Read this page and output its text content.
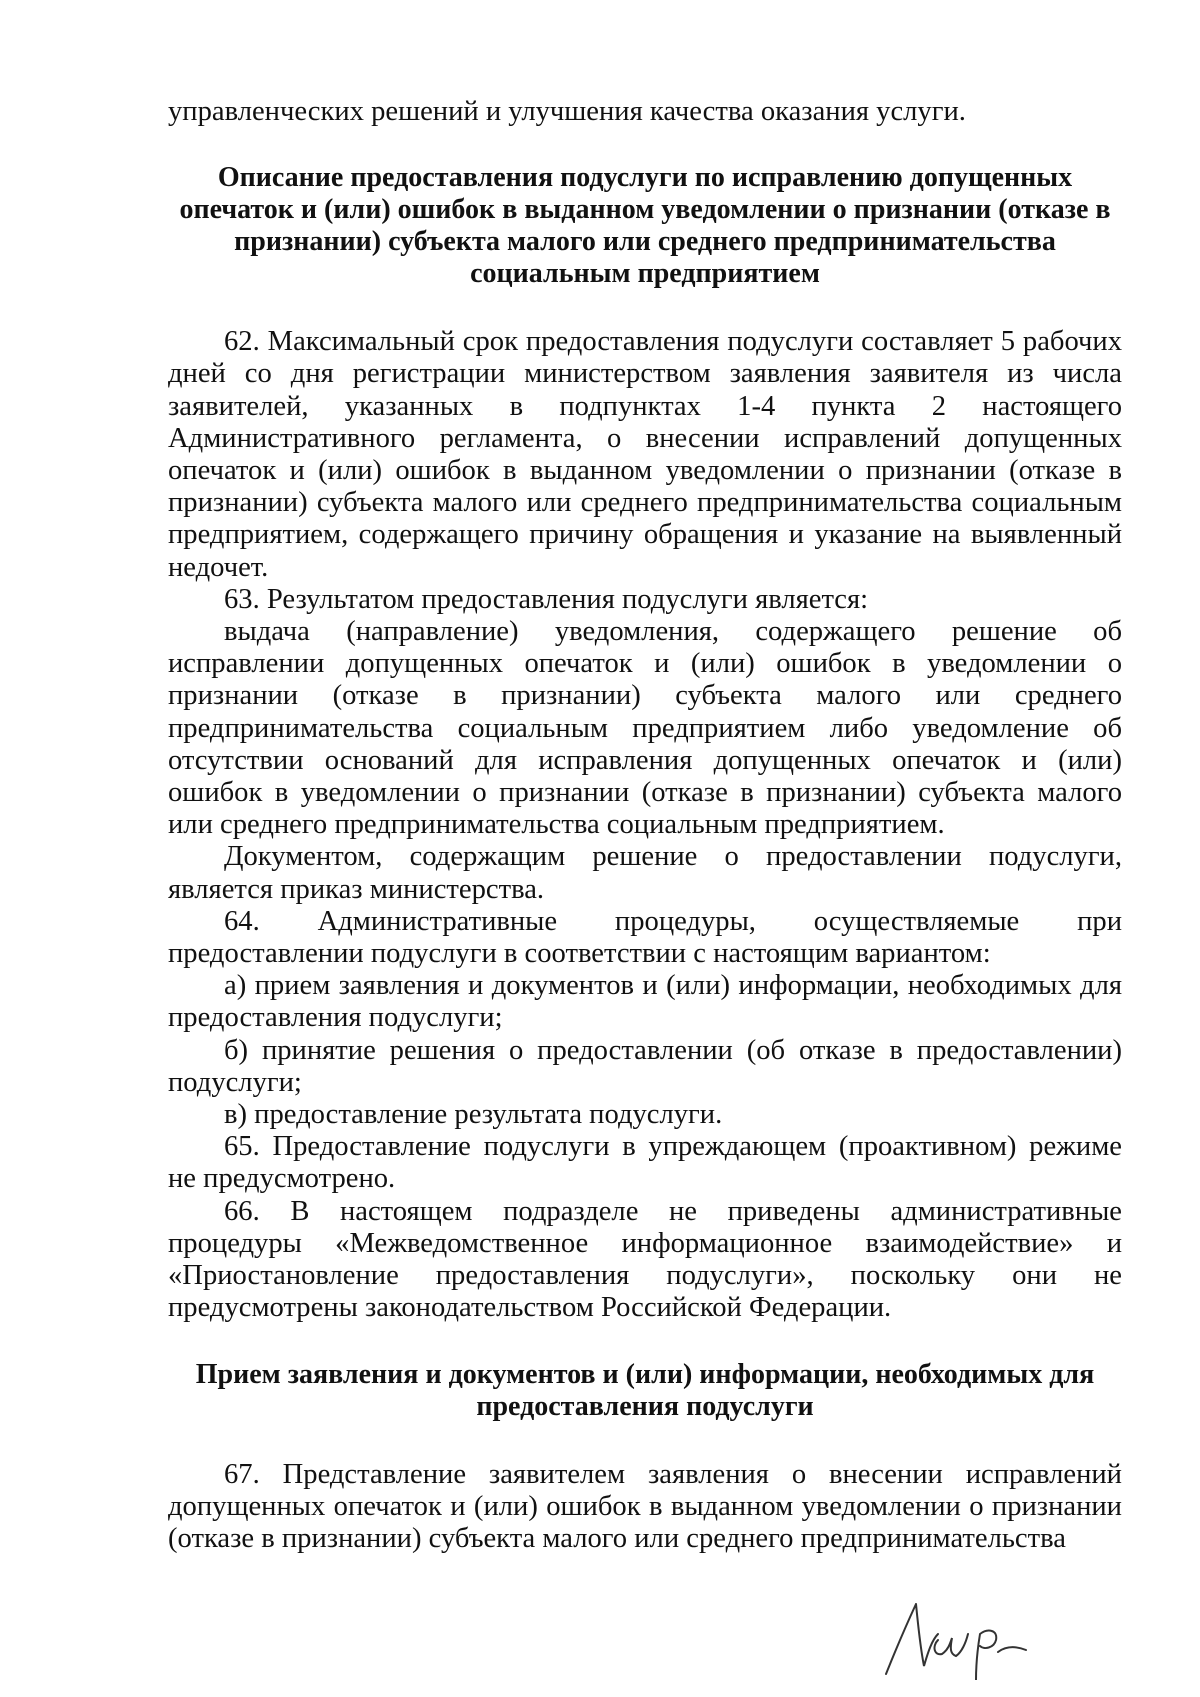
управленческих решений и улучшения качества оказания услуги.

Описание предоставления подуслуги по исправлению допущенных опечаток и (или) ошибок в выданном уведомлении о признании (отказе в признании) субъекта малого или среднего предпринимательства социальным предприятием

62. Максимальный срок предоставления подуслуги составляет 5 рабочих дней со дня регистрации министерством заявления заявителя из числа заявителей, указанных в подпунктах 1-4 пункта 2 настоящего Административного регламента, о внесении исправлений допущенных опечаток и (или) ошибок в выданном уведомлении о признании (отказе в признании) субъекта малого или среднего предпринимательства социальным предприятием, содержащего причину обращения и указание на выявленный недочет.

63. Результатом предоставления подуслуги является:

выдача (направление) уведомления, содержащего решение об исправлении допущенных опечаток и (или) ошибок в уведомлении о признании (отказе в признании) субъекта малого или среднего предпринимательства социальным предприятием либо уведомление об отсутствии оснований для исправления допущенных опечаток и (или) ошибок в уведомлении о признании (отказе в признании) субъекта малого или среднего предпринимательства социальным предприятием.

Документом, содержащим решение о предоставлении подуслуги, является приказ министерства.

64. Административные процедуры, осуществляемые при предоставлении подуслуги в соответствии с настоящим вариантом:

а) прием заявления и документов и (или) информации, необходимых для предоставления подуслуги;

б) принятие решения о предоставлении (об отказе в предоставлении) подуслуги;

в) предоставление результата подуслуги.

65. Предоставление подуслуги в упреждающем (проактивном) режиме не предусмотрено.

66. В настоящем подразделе не приведены административные процедуры «Межведомственное информационное взаимодействие» и «Приостановление предоставления подуслуги», поскольку они не предусмотрены законодательством Российской Федерации.

Прием заявления и документов и (или) информации, необходимых для предоставления подуслуги

67. Представление заявителем заявления о внесении исправлений допущенных опечаток и (или) ошибок в выданном уведомлении о признании (отказе в признании) субъекта малого или среднего предпринимательства
